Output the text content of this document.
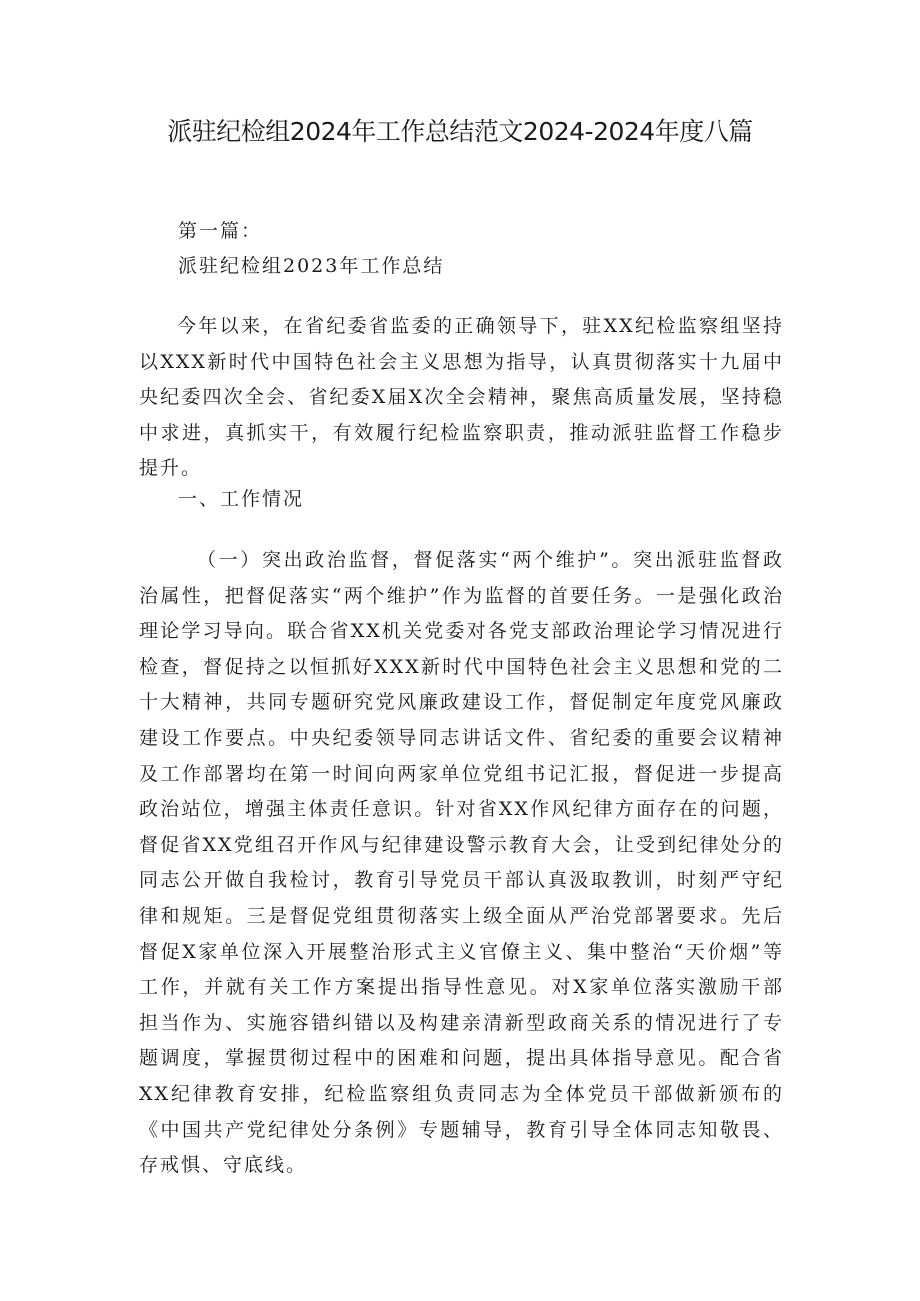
派驻纪检组2024年工作总结范文2024-2024年度八篇
第一篇：
派驻纪检组2023年工作总结

今年以来，在省纪委省监委的正确领导下，驻XX纪检监察组坚持以XXX新时代中国特色社会主义思想为指导，认真贯彻落实十九届中央纪委四次全会、省纪委X届X次全会精神，聚焦高质量发展，坚持稳中求进，真抓实干，有效履行纪检监察职责，推动派驻监督工作稳步提升。

一、工作情况

（一）突出政治监督，督促落实“两个维护”。突出派驻监督政治属性，把督促落实“两个维护”作为监督的首要任务。一是强化政治理论学习导向。联合省XX机关党委对各党支部政治理论学习情况进行检查，督促持之以恒抓好XXX新时代中国特色社会主义思想和党的二十大精神，共同专题研究党风廉政建设工作，督促制定年度党风廉政建设工作要点。中央纪委领导同志讲话文件、省纪委的重要会议精神及工作部署均在第一时间向两家单位党组书记汇报，督促进一步提高政治站位，增强主体责任意识。针对省XX作风纪律方面存在的问题，督促省XX党组召开作风与纪律建设警示教育大会，让受到纪律处分的同志公开做自我检讨，教育引导党员干部认真汲取教训，时刻严守纪律和规矩。三是督促党组贯彻落实上级全面从严治党部署要求。先后督促X家单位深入开展整治形式主义官僚主义、集中整治“天价烟”等工作，并就有关工作方案提出指导性意见。对X家单位落实激励干部担当作为、实施容错纠错以及构建亲清新型政商关系的情况进行了专题调度，掌握贯彻过程中的困难和问题，提出具体指导意见。配合省XX纪律教育安排，纪检监察组负责同志为全体党员干部做新颁布的《中国共产党纪律处分条例》专题辅导，教育引导全体同志知敬畏、存戒惧、守底线。
